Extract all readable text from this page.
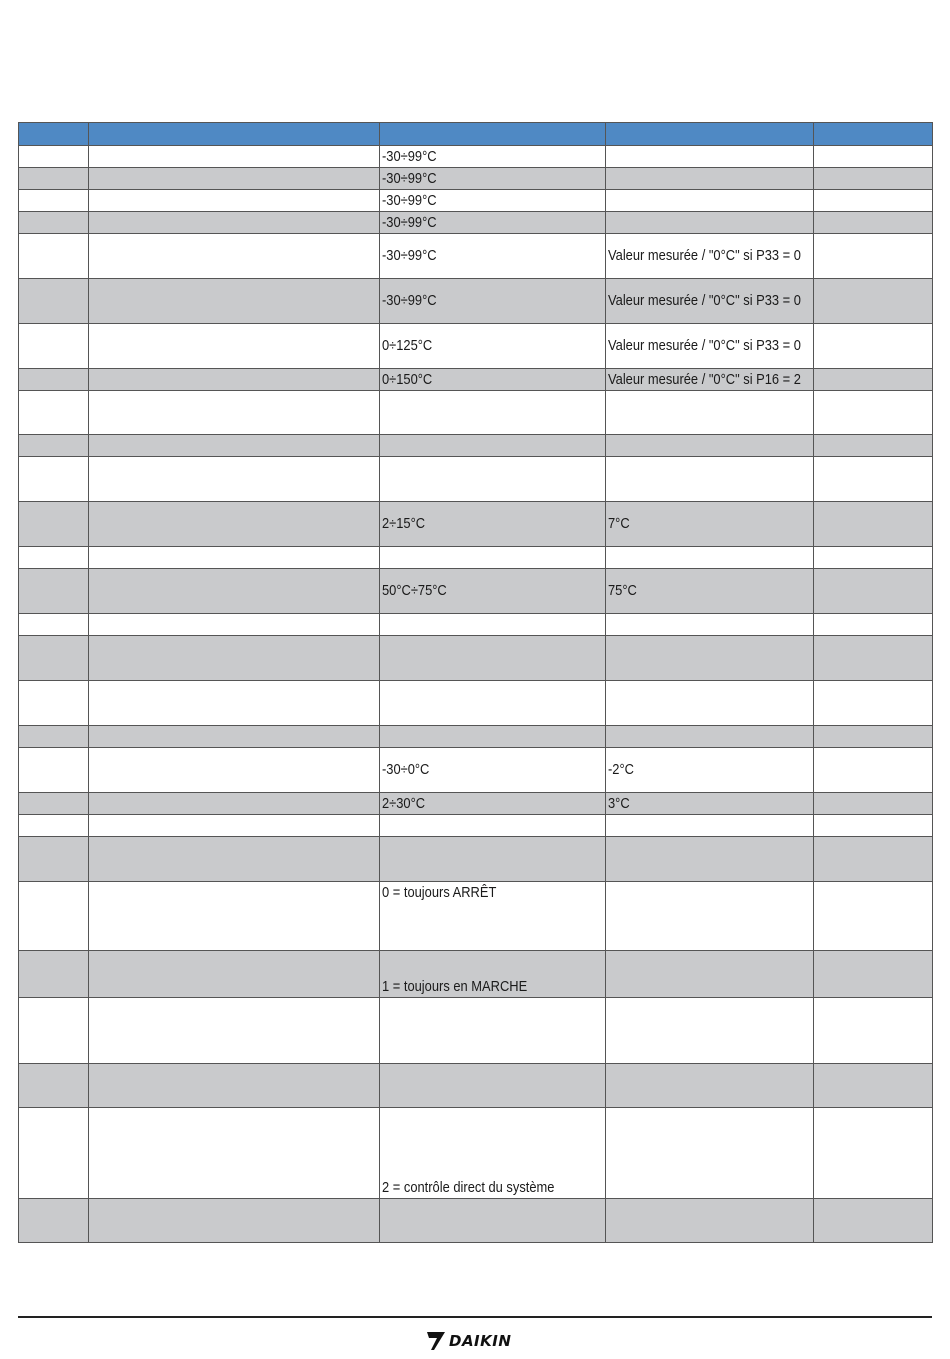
		-30÷99°C		
		-30÷99°C		
		-30÷99°C		
		-30÷99°C		
		-30÷99°C	Valeur mesurée / "0°C" si P33 = 0	
		-30÷99°C	Valeur mesurée / "0°C" si P33 = 0	
		0÷125°C	Valeur mesurée / "0°C" si P33 = 0	
		0÷150°C	Valeur mesurée / "0°C" si P16 = 2	

		2÷15°C	7°C	

		50°C÷75°C	75°C	

		-30÷0°C	-2°C	
		2÷30°C	3°C	

		0 = toujours ARRÊT		
		1 = toujours en MARCHE		

		2 = contrôle direct du système		

DAIKIN
